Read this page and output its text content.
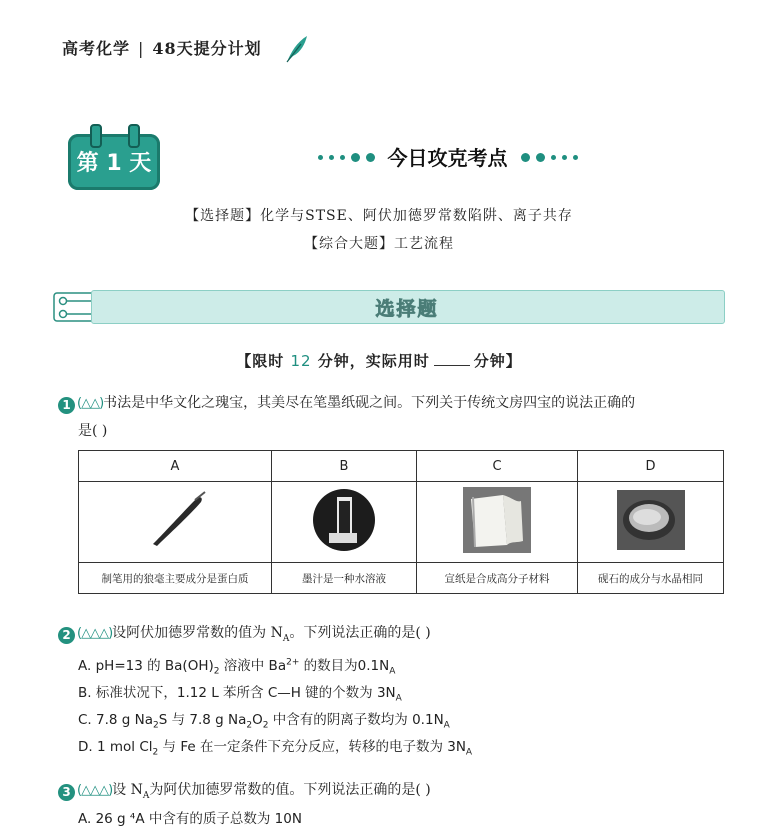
高考化学 | 48天提分计划
第 1 天	今日攻克考点
【选择题】化学与STSE、阿伏加德罗常数陷阱、离子共存
【综合大题】工艺流程
选择题
【限时 12 分钟，实际用时	分钟】
1 (△△)书法是中华文化之瑰宝，其美尽在笔墨纸砚之间。下列关于传统文房四宝的说法正确的
是( )
A	B	C	D

制笔用的狼毫主要成分是蛋白质	墨汁是一种水溶液	宣纸是合成高分子材料	砚石的成分与水晶相同
2 (△△△)设阿伏加德罗常数的值为 $N_A$。下列说法正确的是( )
A. pH=13 的 $Ba(OH)_2$ 溶液中 $Ba^{2+}$ 的数目为$0.1N_A$
B. 标准状况下，1.12 L 苯所含 C—H 键的个数为 $3N_A$
C. 7.8 g $Na_2S$ 与 7.8 g $Na_2O_2$ 中含有的阴离子数均为 $0.1N_A$
D. 1 mol $Cl_2$ 与 Fe 在一定条件下充分反应，转移的电子数为 $3N_A$
3 (△△△)设 $N_A$为阿伏加德罗常数的值。下列说法正确的是( )
A. 26 g ⁴A 中含有的质子总数为 10N
